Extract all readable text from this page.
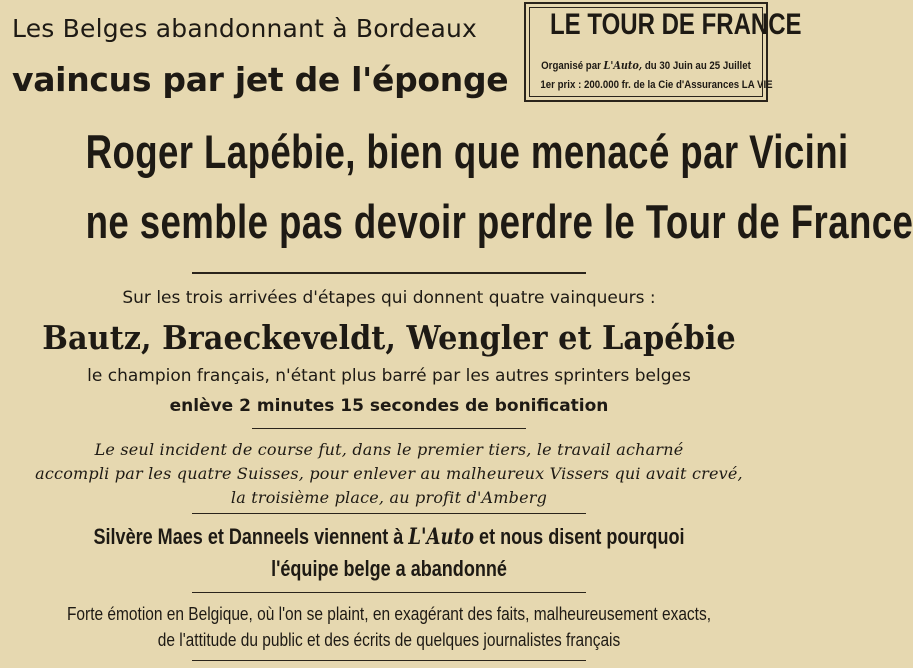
Les Belges abandonnant à Bordeaux
vaincus par jet de l'éponge
LE TOUR DE FRANCE
Organisé par L'Auto, du 30 Juin au 25 Juillet
1er prix : 200.000 fr. de la Cie d'Assurances LA VIE
Roger Lapébie, bien que menacé par Vicini
ne semble pas devoir perdre le Tour de France
Sur les trois arrivées d'étapes qui donnent quatre vainqueurs :
Bautz, Braeckeveldt, Wengler et Lapébie
le champion français, n'étant plus barré par les autres sprinters belges
enlève 2 minutes 15 secondes de bonification
Le seul incident de course fut, dans le premier tiers, le travail acharné
accompli par les quatre Suisses, pour enlever au malheureux Vissers qui avait crevé,
la troisième place, au profit d'Amberg
Silvère Maes et Danneels viennent à L'Auto et nous disent pourquoi
l'équipe belge a abandonné
Forte émotion en Belgique, où l'on se plaint, en exagérant des faits, malheureusement exacts,
de l'attitude du public et des écrits de quelques journalistes français
